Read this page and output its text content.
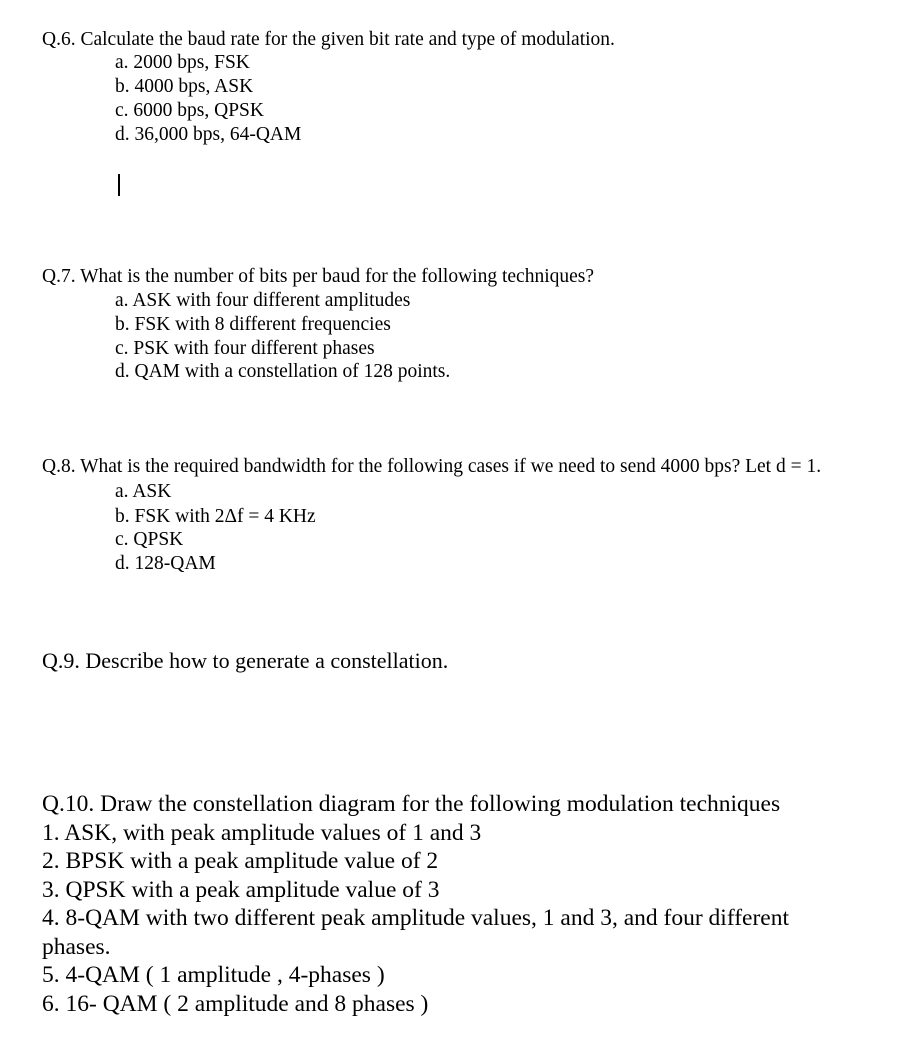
Q.6. Calculate the baud rate for the given bit rate and type of modulation.

a. 2000 bps, FSK

b. 4000 bps, ASK

c. 6000 bps, QPSK

d. 36,000 bps, 64-QAM

Q.7. What is the number of bits per baud for the following techniques?

a. ASK with four different amplitudes

b. FSK with 8 different frequencies

c. PSK with four different phases

d. QAM with a constellation of 128 points.

Q.8. What is the required bandwidth for the following cases if we need to send 4000 bps? Let d = 1.

a. ASK

b. FSK with 2Δf = 4 KHz

c. QPSK

d. 128-QAM

Q.9. Describe how to generate a constellation.

Q.10. Draw the constellation diagram for the following modulation techniques

1. ASK, with peak amplitude values of 1 and 3

2. BPSK with a peak amplitude value of 2

3. QPSK with a peak amplitude value of 3

4. 8-QAM with two different peak amplitude values, 1 and 3, and four different

phases.

5. 4-QAM ( 1 amplitude , 4-phases )

6. 16- QAM ( 2 amplitude and 8 phases )
